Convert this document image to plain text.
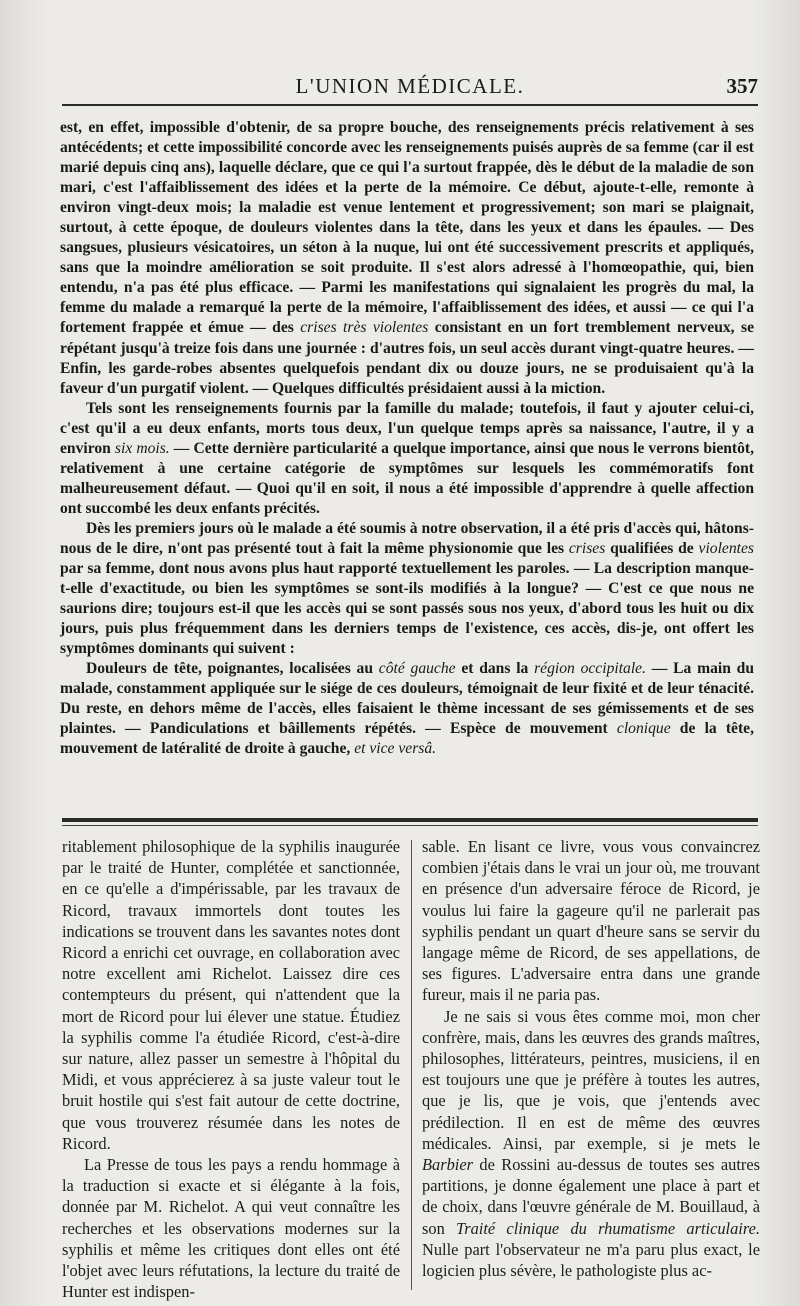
L'UNION MÉDICALE.	357

est, en effet, impossible d'obtenir, de sa propre bouche, des renseignements précis relativement à ses antécédents; et cette impossibilité concorde avec les renseignements puisés auprès de sa femme (car il est marié depuis cinq ans), laquelle déclare, que ce qui l'a surtout frappée, dès le début de la maladie de son mari, c'est l'affaiblissement des idées et la perte de la mémoire. Ce début, ajoute-t-elle, remonte à environ vingt-deux mois; la maladie est venue lentement et progressivement; son mari se plaignait, surtout, à cette époque, de douleurs violentes dans la tête, dans les yeux et dans les épaules. — Des sangsues, plusieurs vésicatoires, un séton à la nuque, lui ont été successivement prescrits et appliqués, sans que la moindre amélioration se soit produite. Il s'est alors adressé à l'homœopathie, qui, bien entendu, n'a pas été plus efficace. — Parmi les manifestations qui signalaient les progrès du mal, la femme du malade a remarqué la perte de la mémoire, l'affaiblissement des idées, et aussi — ce qui l'a fortement frappée et émue — des crises très violentes consistant en un fort tremblement nerveux, se répétant jusqu'à treize fois dans une journée : d'autres fois, un seul accès durant vingt-quatre heures. — Enfin, les garde-robes absentes quelquefois pendant dix ou douze jours, ne se produisaient qu'à la faveur d'un purgatif violent. — Quelques difficultés présidaient aussi à la miction.

Tels sont les renseignements fournis par la famille du malade; toutefois, il faut y ajouter celui-ci, c'est qu'il a eu deux enfants, morts tous deux, l'un quelque temps après sa naissance, l'autre, il y a environ six mois. — Cette dernière particularité a quelque importance, ainsi que nous le verrons bientôt, relativement à une certaine catégorie de symptômes sur lesquels les commémoratifs font malheureusement défaut. — Quoi qu'il en soit, il nous a été impossible d'apprendre à quelle affection ont succombé les deux enfants précités.

Dès les premiers jours où le malade a été soumis à notre observation, il a été pris d'accès qui, hâtons-nous de le dire, n'ont pas présenté tout à fait la même physionomie que les crises qualifiées de violentes par sa femme, dont nous avons plus haut rapporté textuellement les paroles. — La description manque-t-elle d'exactitude, ou bien les symptômes se sont-ils modifiés à la longue? — C'est ce que nous ne saurions dire; toujours est-il que les accès qui se sont passés sous nos yeux, d'abord tous les huit ou dix jours, puis plus fréquemment dans les derniers temps de l'existence, ces accès, dis-je, ont offert les symptômes dominants qui suivent :

Douleurs de tête, poignantes, localisées au côté gauche et dans la région occipitale. — La main du malade, constamment appliquée sur le siége de ces douleurs, témoignait de leur fixité et de leur ténacité. Du reste, en dehors même de l'accès, elles faisaient le thème incessant de ses gémissements et de ses plaintes. — Pandiculations et bâillements répétés. — Espèce de mouvement clonique de la tête, mouvement de latéralité de droite à gauche, et vice versâ.

ritablement philosophique de la syphilis inaugurée par le traité de Hunter, complétée et sanctionnée, en ce qu'elle a d'impérissable, par les travaux de Ricord, travaux immortels dont toutes les indications se trouvent dans les savantes notes dont Ricord a enrichi cet ouvrage, en collaboration avec notre excellent ami Richelot. Laissez dire ces contempteurs du présent, qui n'attendent que la mort de Ricord pour lui élever une statue. Étudiez la syphilis comme l'a étudiée Ricord, c'est-à-dire sur nature, allez passer un semestre à l'hôpital du Midi, et vous apprécierez à sa juste valeur tout le bruit hostile qui s'est fait autour de cette doctrine, que vous trouverez résumée dans les notes de Ricord.

La Presse de tous les pays a rendu hommage à la traduction si exacte et si élégante à la fois, donnée par M. Richelot. A qui veut connaître les recherches et les observations modernes sur la syphilis et même les critiques dont elles ont été l'objet avec leurs réfutations, la lecture du traité de Hunter est indispen-

sable. En lisant ce livre, vous vous convaincrez combien j'étais dans le vrai un jour où, me trouvant en présence d'un adversaire féroce de Ricord, je voulus lui faire la gageure qu'il ne parlerait pas syphilis pendant un quart d'heure sans se servir du langage même de Ricord, de ses appellations, de ses figures. L'adversaire entra dans une grande fureur, mais il ne paria pas.

Je ne sais si vous êtes comme moi, mon cher confrère, mais, dans les œuvres des grands maîtres, philosophes, littérateurs, peintres, musiciens, il en est toujours une que je préfère à toutes les autres, que je lis, que je vois, que j'entends avec prédilection. Il en est de même des œuvres médicales. Ainsi, par exemple, si je mets le Barbier de Rossini au-dessus de toutes ses autres partitions, je donne également une place à part et de choix, dans l'œuvre générale de M. Bouillaud, à son Traité clinique du rhumatisme articulaire. Nulle part l'observateur ne m'a paru plus exact, le logicien plus sévère, le pathologiste plus ac-
